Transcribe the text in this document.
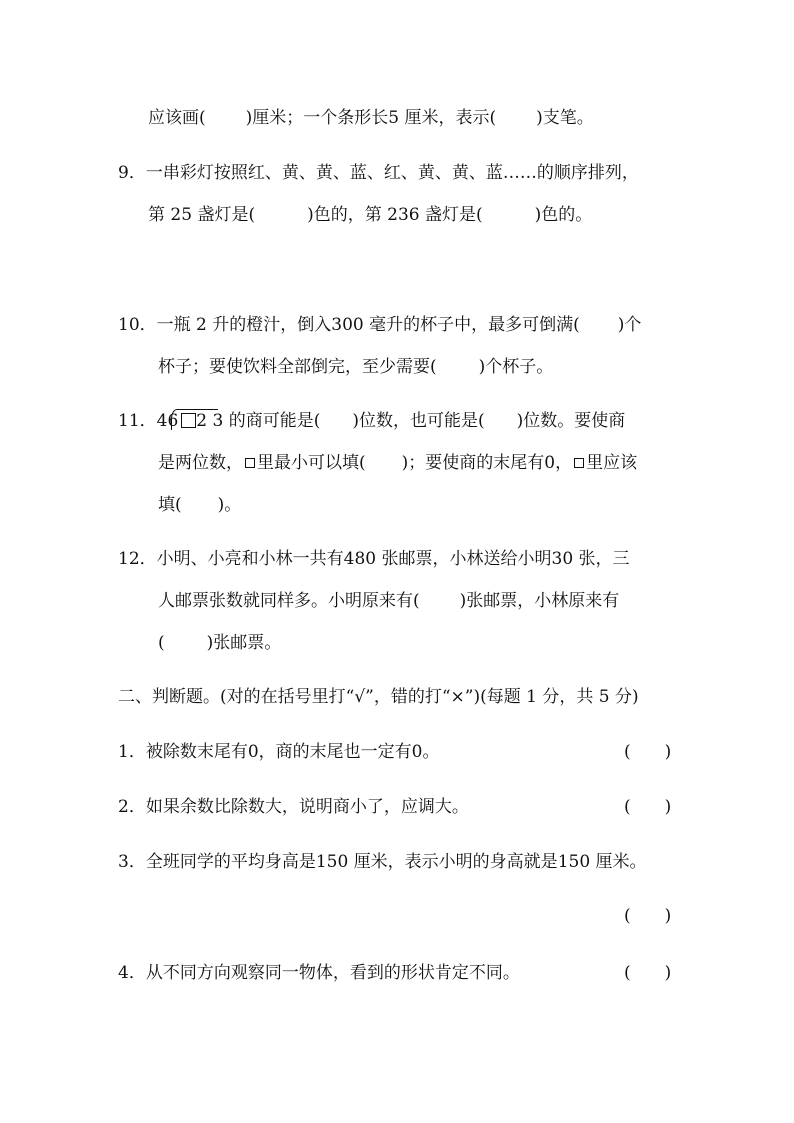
应该画( )厘米；一个条形长5 厘米，表示( )支笔。
9．一串彩灯按照红、黄、黄、蓝、红、黄、黄、蓝……的顺序排列，
第 25 盏灯是(	)色的，第 236 盏灯是(	)色的。
10．一瓶 2 升的橙汁，倒入300 毫升的杯子中，最多可倒满( )个
杯子；要使饮料全部倒完，至少需要( )个杯子。
11．46 2 3 的商可能是( )位数，也可能是( )位数。要使商
是两位数， 里最小可以填( )；要使商的末尾有0， 里应该
填( )。
12．小明、小亮和小林一共有480 张邮票，小林送给小明30 张，三
人邮票张数就同样多。小明原来有( )张邮票，小林原来有
( )张邮票。
二、判断题。(对的在括号里打“√”，错的打“×”)(每题 1 分，共 5 分)
1．被除数末尾有0，商的末尾也一定有0。	( )
2．如果余数比除数大，说明商小了，应调大。	( )
3．全班同学的平均身高是150 厘米，表示小明的身高就是150 厘米。
( )
4．从不同方向观察同一物体，看到的形状肯定不同。	( )
